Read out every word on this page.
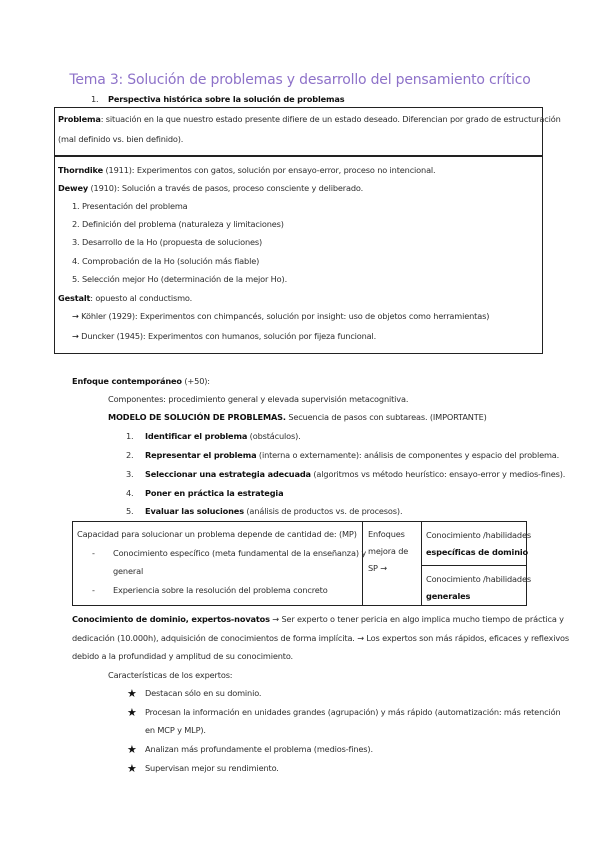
Tema 3: Solución de problemas y desarrollo del pensamiento crítico
1. Perspectiva histórica sobre la solución de problemas
Problema: situación en la que nuestro estado presente difiere de un estado deseado. Diferencian por grado de estructuración
(mal definido vs. bien definido).
Thorndike (1911): Experimentos con gatos, solución por ensayo-error, proceso no intencional.
Dewey (1910): Solución a través de pasos, proceso consciente y deliberado.
1. Presentación del problema
2. Definición del problema (naturaleza y limitaciones)
3. Desarrollo de la Ho (propuesta de soluciones)
4. Comprobación de la Ho (solución más fiable)
5. Selección mejor Ho (determinación de la mejor Ho).
Gestalt: opuesto al conductismo.
→ Köhler (1929): Experimentos con chimpancés, solución por insight: uso de objetos como herramientas)
→ Duncker (1945): Experimentos con humanos, solución por fijeza funcional.
Enfoque contemporáneo (+50):
Componentes: procedimiento general y elevada supervisión metacognitiva.
MODELO DE SOLUCIÓN DE PROBLEMAS. Secuencia de pasos con subtareas. (IMPORTANTE)
1. Identificar el problema (obstáculos).
2. Representar el problema (interna o externamente): análisis de componentes y espacio del problema.
3. Seleccionar una estrategia adecuada (algoritmos vs método heurístico: ensayo-error y medios-fines).
4. Poner en práctica la estrategia
5. Evaluar las soluciones (análisis de productos vs. de procesos).
Capacidad para solucionar un problema depende de cantidad de: (MP)
- Conocimiento específico (meta fundamental de la enseñanza) y
general
- Experiencia sobre la resolución del problema concreto
Enfoques
mejora de
SP →
Conocimiento /habilidades
específicas de dominio
Conocimiento /habilidades
generales
Conocimiento de dominio, expertos-novatos → Ser experto o tener pericia en algo implica mucho tiempo de práctica y
dedicación (10.000h), adquisición de conocimientos de forma implícita. → Los expertos son más rápidos, eficaces y reflexivos
debido a la profundidad y amplitud de su conocimiento.
Características de los expertos:
★ Destacan sólo en su dominio.
★ Procesan la información en unidades grandes (agrupación) y más rápido (automatización: más retención
en MCP y MLP).
★ Analizan más profundamente el problema (medios-fines).
★ Supervisan mejor su rendimiento.
